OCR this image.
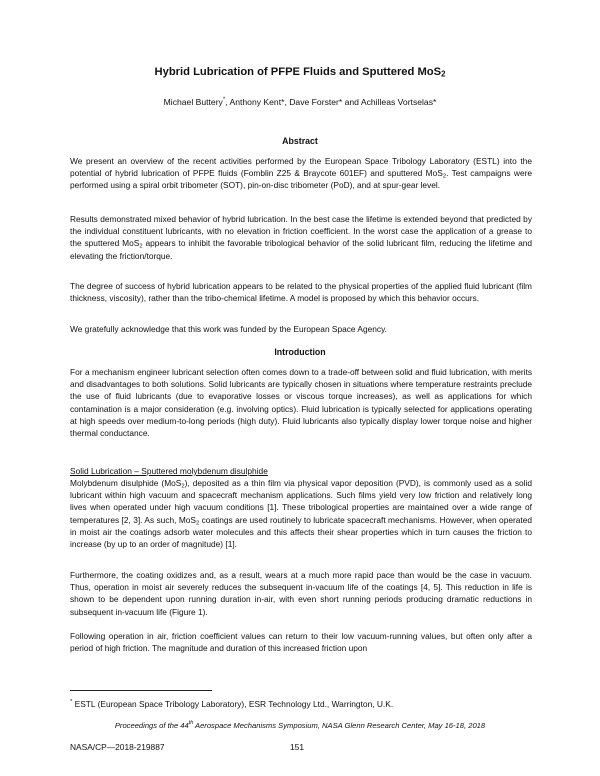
Hybrid Lubrication of PFPE Fluids and Sputtered MoS$_2$
Michael Buttery*, Anthony Kent*, Dave Forster* and Achilleas Vortselas*
Abstract

We present an overview of the recent activities performed by the European Space Tribology Laboratory (ESTL) into the potential of hybrid lubrication of PFPE fluids (Fomblin Z25 & Braycote 601EF) and sputtered MoS$_2$. Test campaigns were performed using a spiral orbit tribometer (SOT), pin-on-disc tribometer (PoD), and at spur-gear level.

Results demonstrated mixed behavior of hybrid lubrication. In the best case the lifetime is extended beyond that predicted by the individual constituent lubricants, with no elevation in friction coefficient. In the worst case the application of a grease to the sputtered MoS$_2$ appears to inhibit the favorable tribological behavior of the solid lubricant film, reducing the lifetime and elevating the friction/torque.

The degree of success of hybrid lubrication appears to be related to the physical properties of the applied fluid lubricant (film thickness, viscosity), rather than the tribo-chemical lifetime. A model is proposed by which this behavior occurs.

We gratefully acknowledge that this work was funded by the European Space Agency.

Introduction

For a mechanism engineer lubricant selection often comes down to a trade-off between solid and fluid lubrication, with merits and disadvantages to both solutions. Solid lubricants are typically chosen in situations where temperature restraints preclude the use of fluid lubricants (due to evaporative losses or viscous torque increases), as well as applications for which contamination is a major consideration (e.g. involving optics). Fluid lubrication is typically selected for applications operating at high speeds over medium-to-long periods (high duty). Fluid lubricants also typically display lower torque noise and higher thermal conductance.

Solid Lubrication – Sputtered molybdenum disulphide

Molybdenum disulphide (MoS$_2$), deposited as a thin film via physical vapor deposition (PVD), is commonly used as a solid lubricant within high vacuum and spacecraft mechanism applications. Such films yield very low friction and relatively long lives when operated under high vacuum conditions [1]. These tribological properties are maintained over a wide range of temperatures [2, 3]. As such, MoS$_2$ coatings are used routinely to lubricate spacecraft mechanisms. However, when operated in moist air the coatings adsorb water molecules and this affects their shear properties which in turn causes the friction to increase (by up to an order of magnitude) [1].

Furthermore, the coating oxidizes and, as a result, wears at a much more rapid pace than would be the case in vacuum. Thus, operation in moist air severely reduces the subsequent in-vacuum life of the coatings [4, 5]. This reduction in life is shown to be dependent upon running duration in-air, with even short running periods producing dramatic reductions in subsequent in-vacuum life (Figure 1).

Following operation in air, friction coefficient values can return to their low vacuum-running values, but often only after a period of high friction. The magnitude and duration of this increased friction upon

* ESTL (European Space Tribology Laboratory), ESR Technology Ltd., Warrington, U.K.
Proceedings of the 44th Aerospace Mechanisms Symposium, NASA Glenn Research Center, May 16-18, 2018
NASA/CP—2018-219887	151
